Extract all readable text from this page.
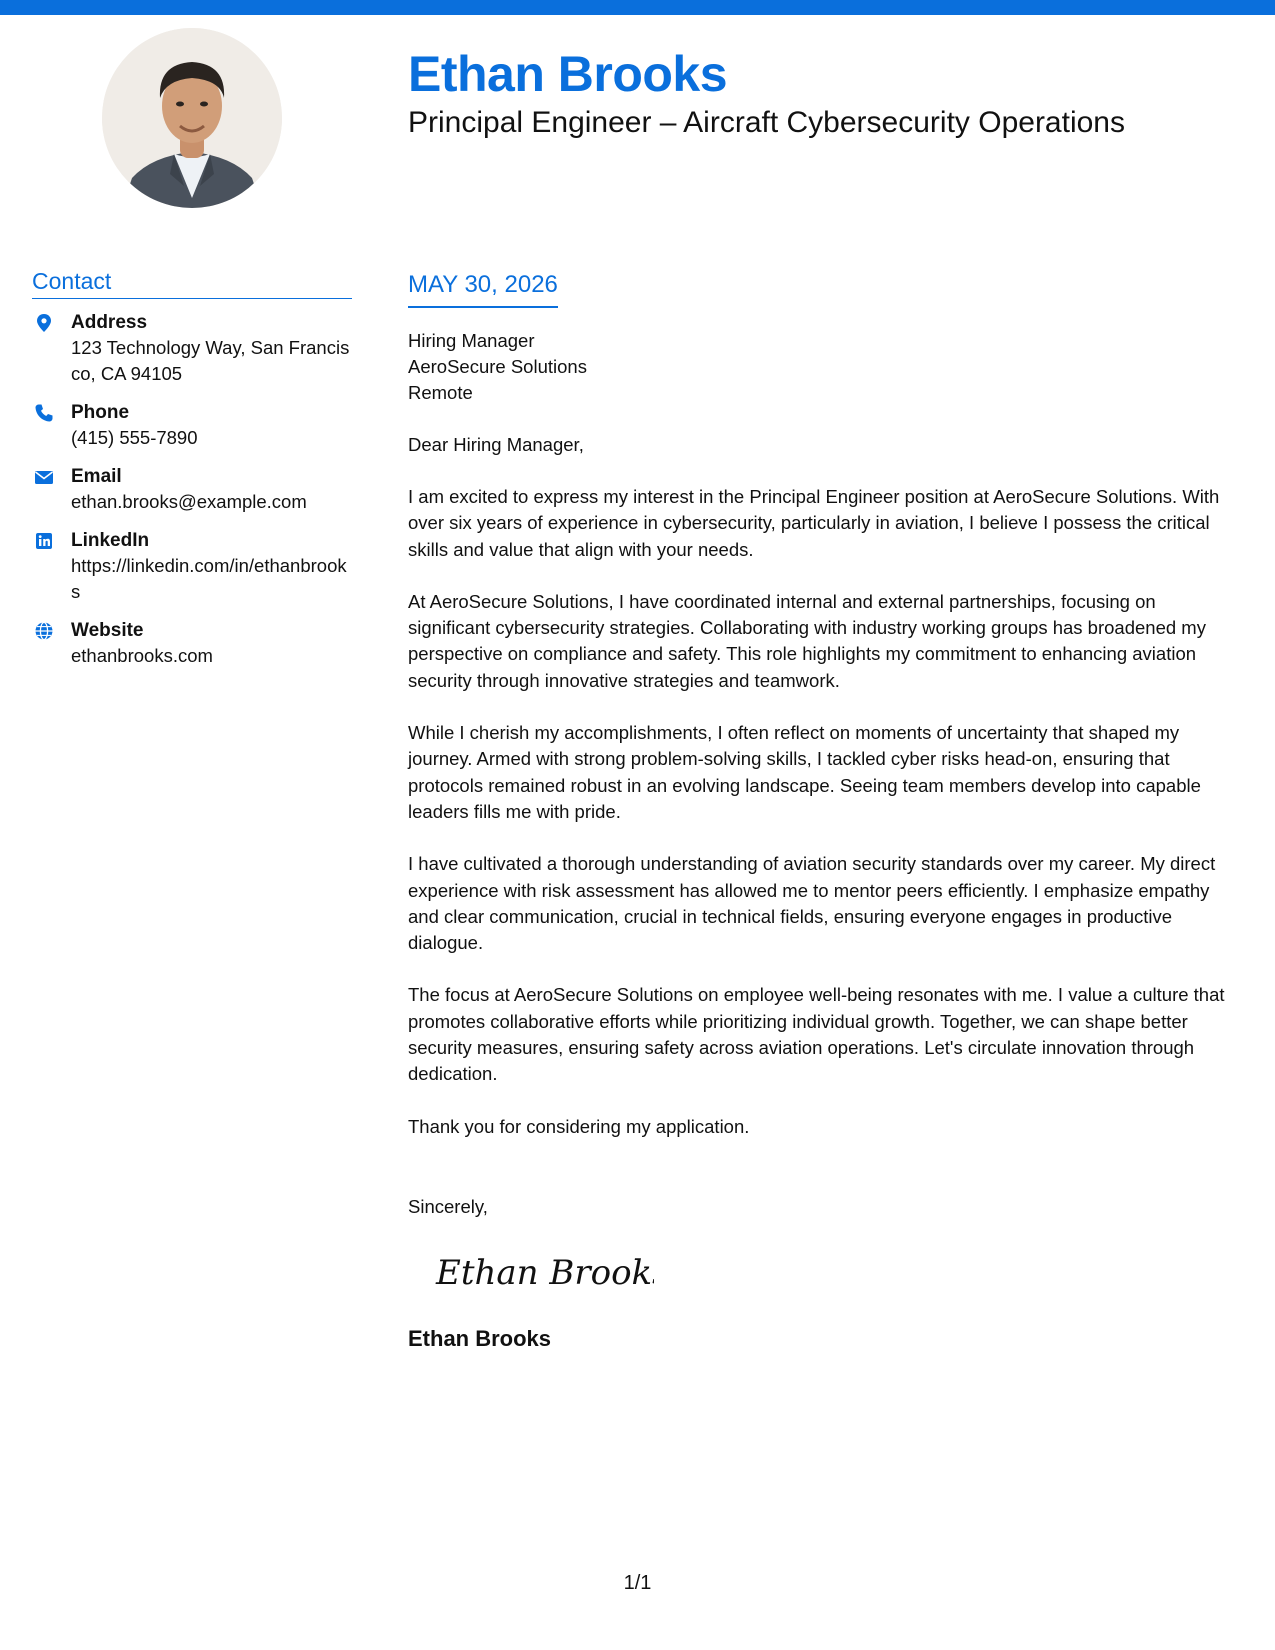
Ethan Brooks
Principal Engineer – Aircraft Cybersecurity Operations
Contact
Address
123 Technology Way, San Francisco, CA 94105
Phone
(415) 555-7890
Email
ethan.brooks@example.com
LinkedIn
https://linkedin.com/in/ethanbrooks
Website
ethanbrooks.com
MAY 30, 2026
Hiring Manager
AeroSecure Solutions
Remote
Dear Hiring Manager,

I am excited to express my interest in the Principal Engineer position at AeroSecure Solutions. With over six years of experience in cybersecurity, particularly in aviation, I believe I possess the critical skills and value that align with your needs.

At AeroSecure Solutions, I have coordinated internal and external partnerships, focusing on significant cybersecurity strategies. Collaborating with industry working groups has broadened my perspective on compliance and safety. This role highlights my commitment to enhancing aviation security through innovative strategies and teamwork.

While I cherish my accomplishments, I often reflect on moments of uncertainty that shaped my journey. Armed with strong problem-solving skills, I tackled cyber risks head-on, ensuring that protocols remained robust in an evolving landscape. Seeing team members develop into capable leaders fills me with pride.

I have cultivated a thorough understanding of aviation security standards over my career. My direct experience with risk assessment has allowed me to mentor peers efficiently. I emphasize empathy and clear communication, crucial in technical fields, ensuring everyone engages in productive dialogue.

The focus at AeroSecure Solutions on employee well-being resonates with me. I value a culture that promotes collaborative efforts while prioritizing individual growth. Together, we can shape better security measures, ensuring safety across aviation operations. Let's circulate innovation through dedication.

Thank you for considering my application.
Sincerely,
Ethan Brooks
Ethan Brooks
1/1
